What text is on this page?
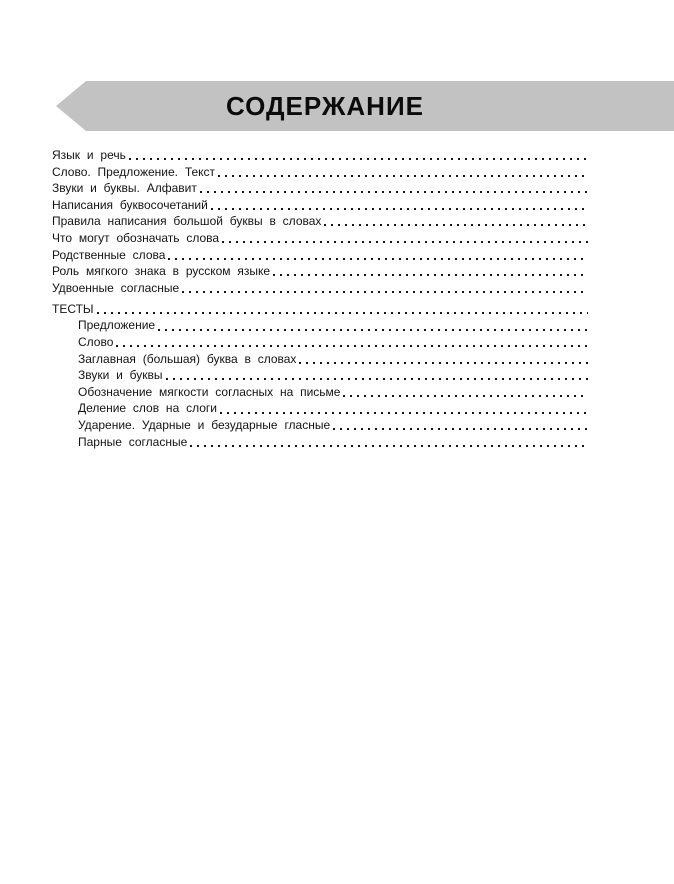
СОДЕРЖАНИЕ
Язык и речь
Слово. Предложение. Текст
Звуки и буквы. Алфавит
Написания буквосочетаний
Правила написания большой буквы в словах
Что могут обозначать слова
Родственные слова
Роль мягкого знака в русском языке
Удвоенные согласные
ТЕСТЫ
Предложение
Слово
Заглавная (большая) буква в словах
Звуки и буквы
Обозначение мягкости согласных на письме
Деление слов на слоги
Ударение. Ударные и безударные гласные
Парные согласные
